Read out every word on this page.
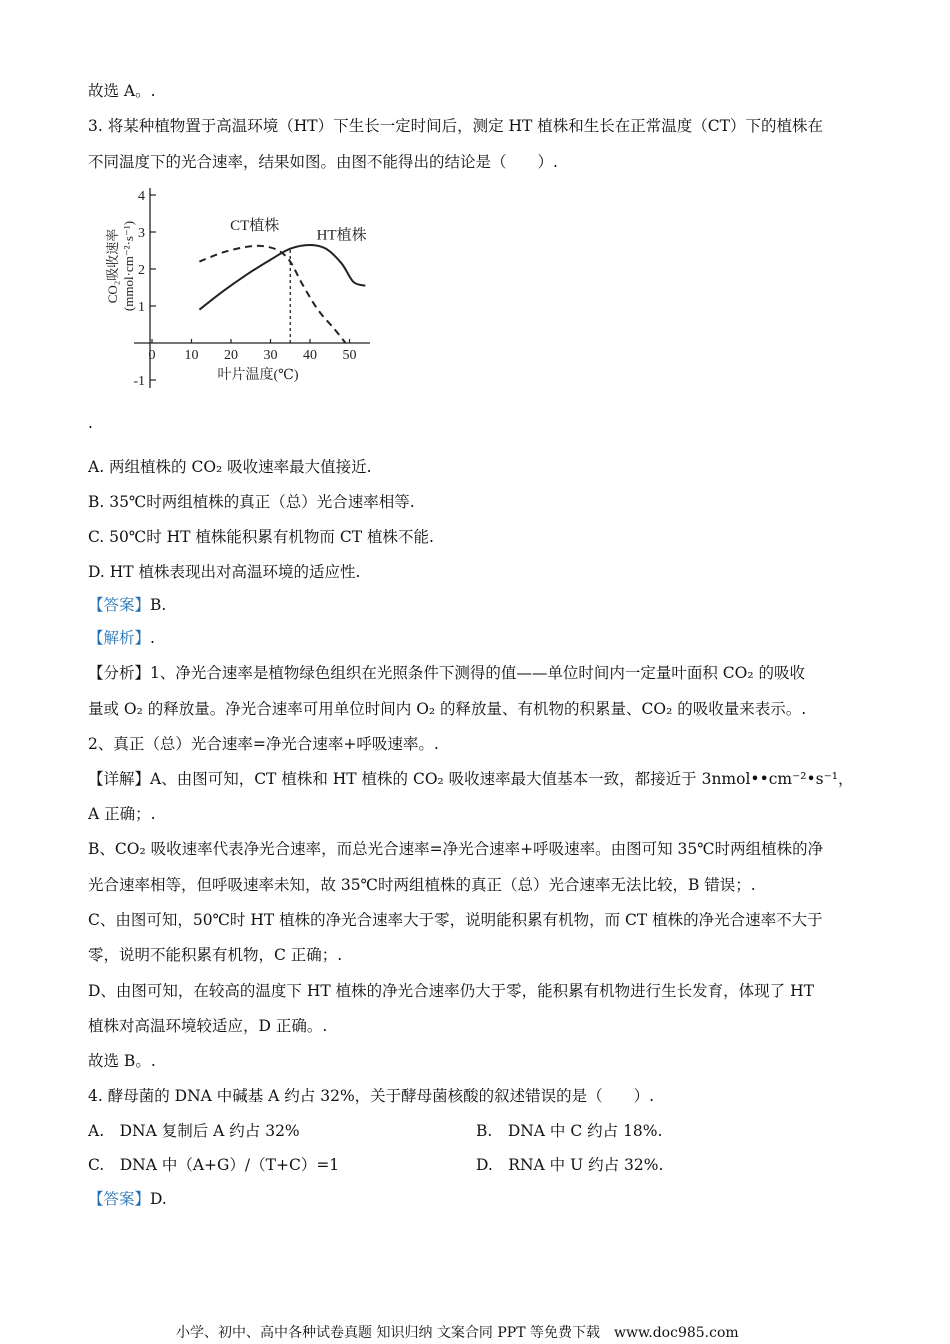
故选 A。.
3. 将某种植物置于高温环境（HT）下生长一定时间后，测定 HT 植株和生长在正常温度（CT）下的植株在
不同温度下的光合速率，结果如图。由图不能得出的结论是（　　）.
0 10 20 30 40 50
-1
1
2
3
4
CT植株
HT植株
CO₂吸收速率 (mmol·cm⁻²·s⁻¹)
叶片温度(℃)
.
A. 两组植株的 CO₂ 吸收速率最大值接近.
B. 35℃时两组植株的真正（总）光合速率相等.
C. 50℃时 HT 植株能积累有机物而 CT 植株不能.
D. HT 植株表现出对高温环境的适应性.
【答案】B.
【解析】.
【分析】1、净光合速率是植物绿色组织在光照条件下测得的值——单位时间内一定量叶面积 CO₂ 的吸收
量或 O₂ 的释放量。净光合速率可用单位时间内 O₂ 的释放量、有机物的积累量、CO₂ 的吸收量来表示。.
2、真正（总）光合速率=净光合速率+呼吸速率。.
【详解】A、由图可知，CT 植株和 HT 植株的 CO₂ 吸收速率最大值基本一致，都接近于 3nmol••cm⁻²•s⁻¹，
A 正确；.
B、CO₂ 吸收速率代表净光合速率，而总光合速率=净光合速率+呼吸速率。由图可知 35℃时两组植株的净
光合速率相等，但呼吸速率未知，故 35℃时两组植株的真正（总）光合速率无法比较，B 错误；.
C、由图可知，50℃时 HT 植株的净光合速率大于零，说明能积累有机物，而 CT 植株的净光合速率不大于
零，说明不能积累有机物，C 正确；.
D、由图可知，在较高的温度下 HT 植株的净光合速率仍大于零，能积累有机物进行生长发育，体现了 HT
植株对高温环境较适应，D 正确。.
故选 B。.
4. 酵母菌的 DNA 中碱基 A 约占 32%，关于酵母菌核酸的叙述错误的是（　　）.
A.　DNA 复制后 A 约占 32%	B.　DNA 中 C 约占 18%.
C.　DNA 中（A+G）/（T+C）=1	D.　RNA 中 U 约占 32%.
【答案】D.
小学、初中、高中各种试卷真题 知识归纳 文案合同 PPT 等免费下载　www.doc985.com
